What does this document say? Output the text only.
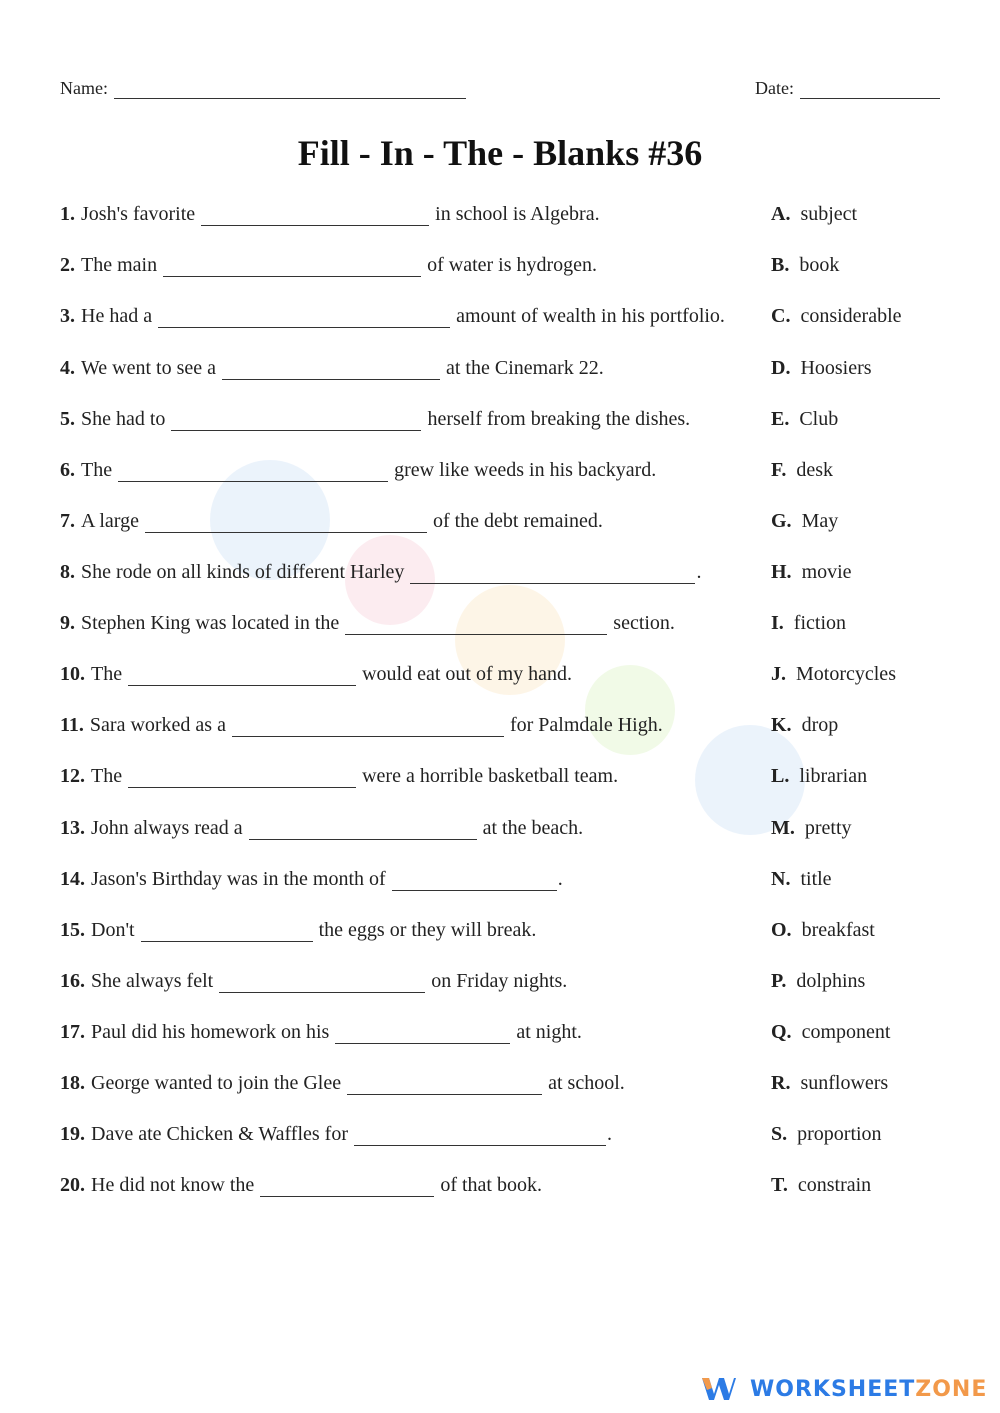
Name:	Date:
Fill - In - The - Blanks #36
1. Josh's favorite	in school is Algebra.	A. subject
2. The main	of water is hydrogen.	B. book
3. He had a	amount of wealth in his portfolio. C. considerable
4. We went to see a	at the Cinemark 22.	D. Hoosiers
5. She had to	herself from breaking the dishes.	E. Club
6. The	grew like weeds in his backyard.	F. desk
7. A large	of the debt remained.	G. May
8. She rode on all kinds of different Harley	.	H. movie
9. Stephen King was located in the	section.	I. fiction
10. The	would eat out of my hand.	J. Motorcycles
11. Sara worked as a	for Palmdale High.	K. drop
12. The	were a horrible basketball team.	L. librarian
13. John always read a	at the beach.	M. pretty
14. Jason's Birthday was in the month of	.	N. title
15. Don't	the eggs or they will break.	O. breakfast
16. She always felt	on Friday nights.	P. dolphins
17. Paul did his homework on his	at night.	Q. component
18. George wanted to join the Glee	at school.	R. sunflowers
19. Dave ate Chicken & Waffles for	.	S. proportion
20. He did not know the	of that book.	T. constrain
WORKSHEETZONE
